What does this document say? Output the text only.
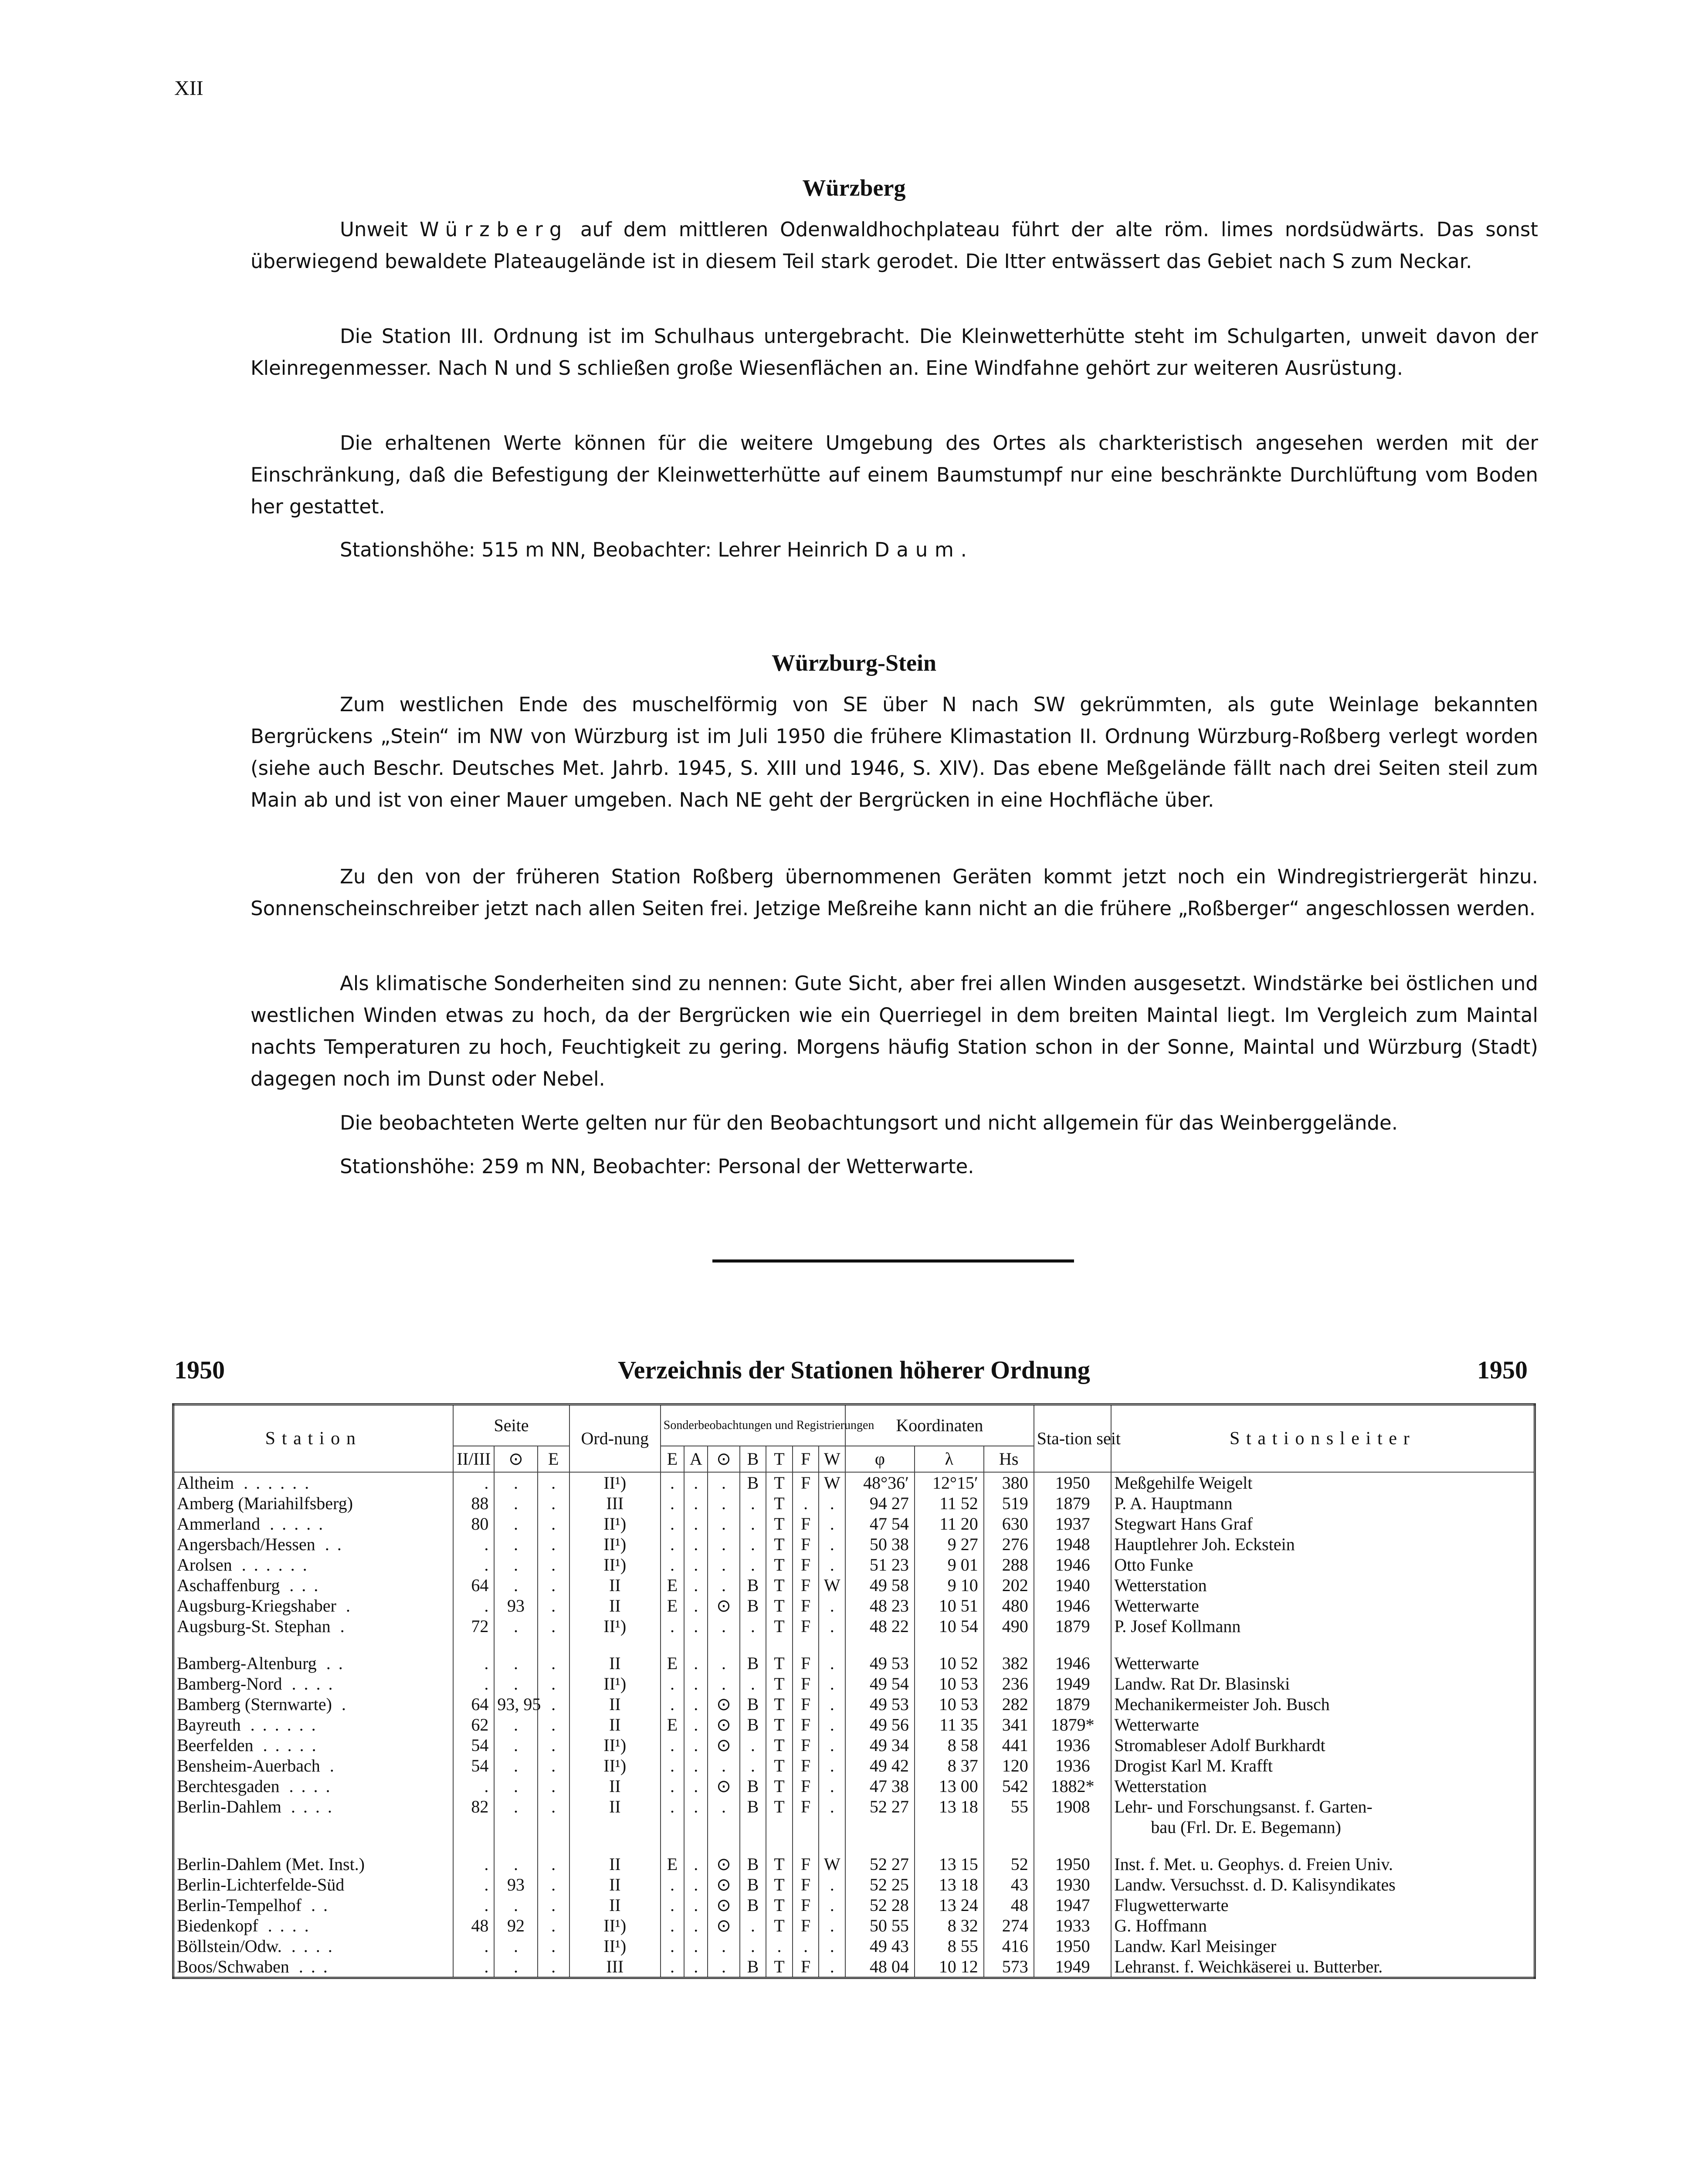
XII
Würzberg

Unweit Würzberg auf dem mittleren Odenwaldhochplateau führt der alte röm. limes nordsüdwärts. Das sonst überwiegend bewaldete Plateaugelände ist in diesem Teil stark gerodet. Die Itter entwässert das Gebiet nach S zum Neckar.

Die Station III. Ordnung ist im Schulhaus untergebracht. Die Kleinwetterhütte steht im Schulgarten, unweit davon der Kleinregenmesser. Nach N und S schließen große Wiesenflächen an. Eine Windfahne gehört zur weiteren Ausrüstung.

Die erhaltenen Werte können für die weitere Umgebung des Ortes als charkteristisch angesehen werden mit der Einschränkung, daß die Befestigung der Kleinwetterhütte auf einem Baumstumpf nur eine beschränkte Durchlüftung vom Boden her gestattet.

Stationshöhe: 515 m NN, Beobachter: Lehrer Heinrich Daum.

Würzburg-Stein

Zum westlichen Ende des muschelförmig von SE über N nach SW gekrümmten, als gute Weinlage bekannten Bergrückens „Stein“ im NW von Würzburg ist im Juli 1950 die frühere Klimastation II. Ordnung Würzburg-Roßberg verlegt worden (siehe auch Beschr. Deutsches Met. Jahrb. 1945, S. XIII und 1946, S. XIV). Das ebene Meßgelände fällt nach drei Seiten steil zum Main ab und ist von einer Mauer umgeben. Nach NE geht der Bergrücken in eine Hochfläche über.

Zu den von der früheren Station Roßberg übernommenen Geräten kommt jetzt noch ein Windregistriergerät hinzu. Sonnenscheinschreiber jetzt nach allen Seiten frei. Jetzige Meßreihe kann nicht an die frühere „Roßberger“ angeschlossen werden.

Als klimatische Sonderheiten sind zu nennen: Gute Sicht, aber frei allen Winden ausgesetzt. Windstärke bei östlichen und westlichen Winden etwas zu hoch, da der Bergrücken wie ein Querriegel in dem breiten Maintal liegt. Im Vergleich zum Maintal nachts Temperaturen zu hoch, Feuchtigkeit zu gering. Morgens häufig Station schon in der Sonne, Maintal und Würzburg (Stadt) dagegen noch im Dunst oder Nebel.

Die beobachteten Werte gelten nur für den Beobachtungsort und nicht allgemein für das Weinberggelände.

Stationshöhe: 259 m NN, Beobachter: Personal der Wetterwarte.

1950	Verzeichnis der Stationen höherer Ordnung	1950
Station	Seite			Ord-nung	Sonderbeobachtungen und Registrierungen							Koordinaten			Sta-tion seit	Stationsleiter
	II/III	⊙	E		E	A	⊙	B	T	F	W	φ	λ	Hs		
Altheim ......	.	.	.	II¹)	.	.	.	B	T	F	W	48°36′	12°15′	380	1950	Meßgehilfe Weigelt
Amberg (Mariahilfsberg)	88	.	.	III	.	.	.	.	T	.	.	94 27	11 52	519	1879	P. A. Hauptmann
Ammerland .....	80	.	.	II¹)	.	.	.	.	T	F	.	47 54	11 20	630	1937	Stegwart Hans Graf
Angersbach/Hessen ..	.	.	.	II¹)	.	.	.	.	T	F	.	50 38	9 27	276	1948	Hauptlehrer Joh. Eckstein
Arolsen ......	.	.	.	II¹)	.	.	.	.	T	F	.	51 23	9 01	288	1946	Otto Funke
Aschaffenburg ...	64	.	.	II	E	.	.	B	T	F	W	49 58	9 10	202	1940	Wetterstation
Augsburg-Kriegshaber .	.	93	.	II	E	.	⊙	B	T	F	.	48 23	10 51	480	1946	Wetterwarte
Augsburg-St. Stephan .	72	.	.	II¹)	.	.	.	.	T	F	.	48 22	10 54	490	1879	P. Josef Kollmann

Bamberg-Altenburg ..	.	.	.	II	E	.	.	B	T	F	.	49 53	10 52	382	1946	Wetterwarte
Bamberg-Nord ....	.	.	.	II¹)	.	.	.	.	T	F	.	49 54	10 53	236	1949	Landw. Rat Dr. Blasinski
Bamberg (Sternwarte) .	64	93, 95	.	II	.	.	⊙	B	T	F	.	49 53	10 53	282	1879	Mechanikermeister Joh. Busch
Bayreuth ......	62	.	.	II	E	.	⊙	B	T	F	.	49 56	11 35	341	1879*	Wetterwarte
Beerfelden .....	54	.	.	II¹)	.	.	⊙	.	T	F	.	49 34	8 58	441	1936	Stromableser Adolf Burkhardt
Bensheim-Auerbach .	54	.	.	II¹)	.	.	.	.	T	F	.	49 42	8 37	120	1936	Drogist Karl M. Krafft
Berchtesgaden ....	.	.	.	II	.	.	⊙	B	T	F	.	47 38	13 00	542	1882*	Wetterstation
Berlin-Dahlem ....	82	.	.	II	.	.	.	B	T	F	.	52 27	13 18	55	1908	Lehr- und Forschungsanst. f. Garten-
																bau (Frl. Dr. E. Begemann)

Berlin-Dahlem (Met. Inst.)	.	.	.	II	E	.	⊙	B	T	F	W	52 27	13 15	52	1950	Inst. f. Met. u. Geophys. d. Freien Univ.
Berlin-Lichterfelde-Süd	.	93	.	II	.	.	⊙	B	T	F	.	52 25	13 18	43	1930	Landw. Versuchsst. d. D. Kalisyndikates
Berlin-Tempelhof ..	.	.	.	II	.	.	⊙	B	T	F	.	52 28	13 24	48	1947	Flugwetterwarte
Biedenkopf ....	48	92	.	II¹)	.	.	⊙	.	T	F	.	50 55	8 32	274	1933	G. Hoffmann
Böllstein/Odw. ....	.	.	.	II¹)	.	.	.	.	.	.	.	49 43	8 55	416	1950	Landw. Karl Meisinger
Boos/Schwaben ...	.	.	.	III	.	.	.	B	T	F	.	48 04	10 12	573	1949	Lehranst. f. Weichkäserei u. Butterber.
